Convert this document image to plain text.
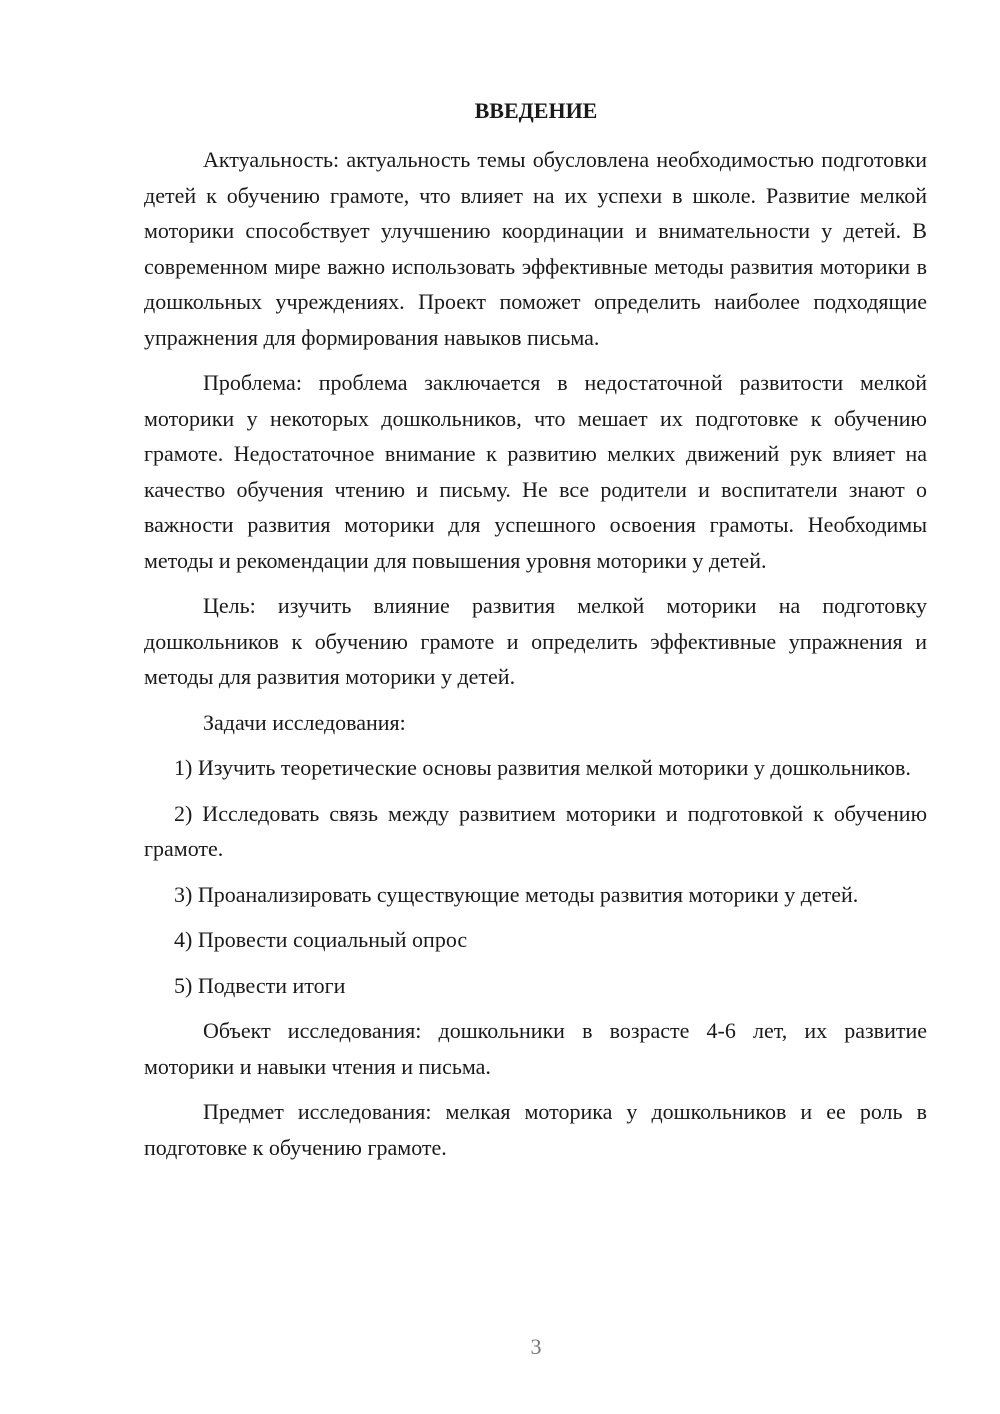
ВВЕДЕНИЕ

Актуальность: актуальность темы обусловлена необходимостью подготовки детей к обучению грамоте, что влияет на их успехи в школе. Развитие мелкой моторики способствует улучшению координации и внимательности у детей. В современном мире важно использовать эффективные методы развития моторики в дошкольных учреждениях. Проект поможет определить наиболее подходящие упражнения для формирования навыков письма.

Проблема: проблема заключается в недостаточной развитости мелкой моторики у некоторых дошкольников, что мешает их подготовке к обучению грамоте. Недостаточное внимание к развитию мелких движений рук влияет на качество обучения чтению и письму. Не все родители и воспитатели знают о важности развития моторики для успешного освоения грамоты. Необходимы методы и рекомендации для повышения уровня моторики у детей.

Цель: изучить влияние развития мелкой моторики на подготовку дошкольников к обучению грамоте и определить эффективные упражнения и методы для развития моторики у детей.

Задачи исследования:

1) Изучить теоретические основы развития мелкой моторики у дошкольников.

2) Исследовать связь между развитием моторики и подготовкой к обучению грамоте.

3) Проанализировать существующие методы развития моторики у детей.

4) Провести социальный опрос

5) Подвести итоги

Объект исследования: дошкольники в возрасте 4-6 лет, их развитие моторики и навыки чтения и письма.

Предмет исследования: мелкая моторика у дошкольников и ее роль в подготовке к обучению грамоте.

3
